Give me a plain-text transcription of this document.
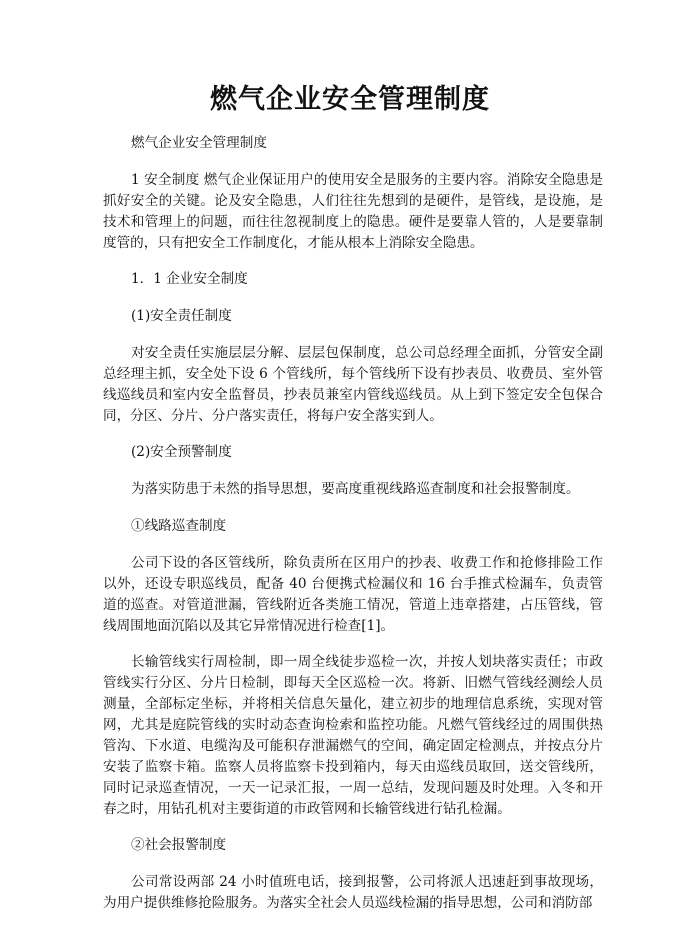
燃气企业安全管理制度

燃气企业安全管理制度

1 安全制度 燃气企业保证用户的使用安全是服务的主要内容。消除安全隐患是抓好安全的关键。论及安全隐患，人们往往先想到的是硬件，是管线，是设施，是技术和管理上的问题，而往往忽视制度上的隐患。硬件是要靠人管的，人是要靠制度管的，只有把安全工作制度化，才能从根本上消除安全隐患。

1．1 企业安全制度

(1)安全责任制度

对安全责任实施层层分解、层层包保制度，总公司总经理全面抓，分管安全副总经理主抓，安全处下设 6 个管线所，每个管线所下设有抄表员、收费员、室外管线巡线员和室内安全监督员，抄表员兼室内管线巡线员。从上到下签定安全包保合同，分区、分片、分户落实责任，将每户安全落实到人。

(2)安全预警制度

为落实防患于未然的指导思想，要高度重视线路巡查制度和社会报警制度。

①线路巡查制度

公司下设的各区管线所，除负责所在区用户的抄表、收费工作和抢修排险工作以外，还设专职巡线员，配备 40 台便携式检漏仪和 16 台手推式检漏车，负责管道的巡查。对管道泄漏，管线附近各类施工情况，管道上违章搭建，占压管线，管线周围地面沉陷以及其它异常情况进行检查[1]。

长输管线实行周检制，即一周全线徒步巡检一次，并按人划块落实责任；市政管线实行分区、分片日检制，即每天全区巡检一次。将新、旧燃气管线经测绘人员测量，全部标定坐标，并将相关信息矢量化，建立初步的地理信息系统，实现对管网，尤其是庭院管线的实时动态查询检索和监控功能。凡燃气管线经过的周围供热管沟、下水道、电缆沟及可能积存泄漏燃气的空间，确定固定检测点，并按点分片安装了监察卡箱。监察人员将监察卡投到箱内，每天由巡线员取回，送交管线所，同时记录巡查情况，一天一记录汇报，一周一总结，发现问题及时处理。入冬和开春之时，用钻孔机对主要街道的市政管网和长输管线进行钻孔检漏。

②社会报警制度

公司常设两部 24 小时值班电话，接到报警，公司将派人迅速赶到事故现场，为用户提供维修抢险服务。为落实全社会人员巡线检漏的指导思想，公司和消防部
